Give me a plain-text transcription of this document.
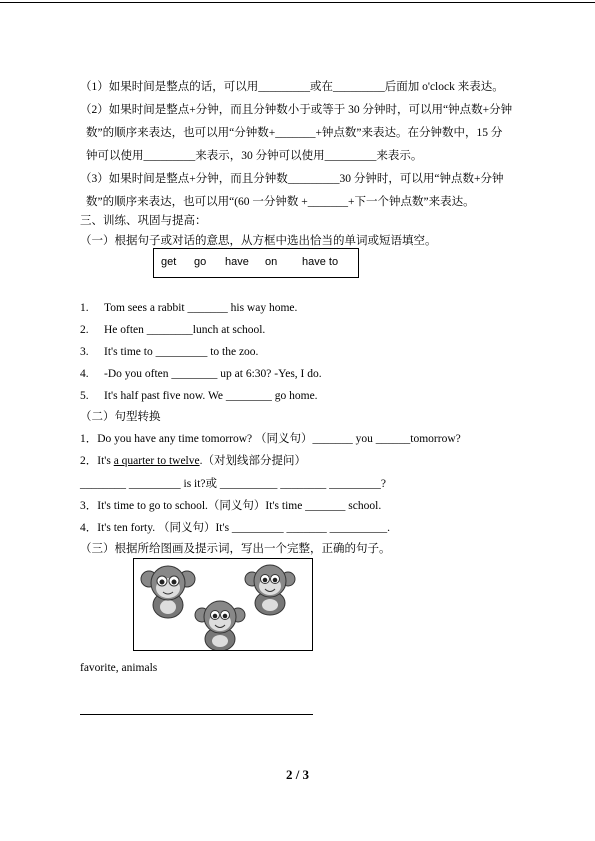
（1）如果时间是整点的话，可以用_________或在_________后面加 o'clock 来表达。
（2）如果时间是整点+分钟，而且分钟数小于或等于 30 分钟时，可以用“钟点数+分钟
数”的顺序来表达，也可以用“分钟数+_______+钟点数”来表达。在分钟数中，15 分
钟可以使用_________来表示，30 分钟可以使用_________来表示。
（3）如果时间是整点+分钟，而且分钟数_________30 分钟时，可以用“钟点数+分钟
数”的顺序来表达，也可以用“(60 一分钟数 +_______+下一个钟点数”来表达。
三、训练、巩固与提高：
（一）根据句子或对话的意思，从方框中选出恰当的单词或短语填空。
get go have on have to
1. Tom sees a rabbit _______ his way home.
2. He often ________lunch at school.
3. It's time to _________ to the zoo.
4. -Do you often ________ up at 6:30? -Yes, I do.
5. It's half past five now. We ________ go home.
（二）句型转换
1．Do you have any time tomorrow? （同义句）_______ you ______tomorrow?
2．It's a quarter to twelve.（对划线部分提问）
________ _________ is it?或 __________ ________ _________?
3．It's time to go to school.（同义句）It's time _______ school.
4．It's ten forty. （同义句）It's _________ _______ __________.
（三）根据所给图画及提示词，写出一个完整，正确的句子。
favorite, animals
2 / 3
